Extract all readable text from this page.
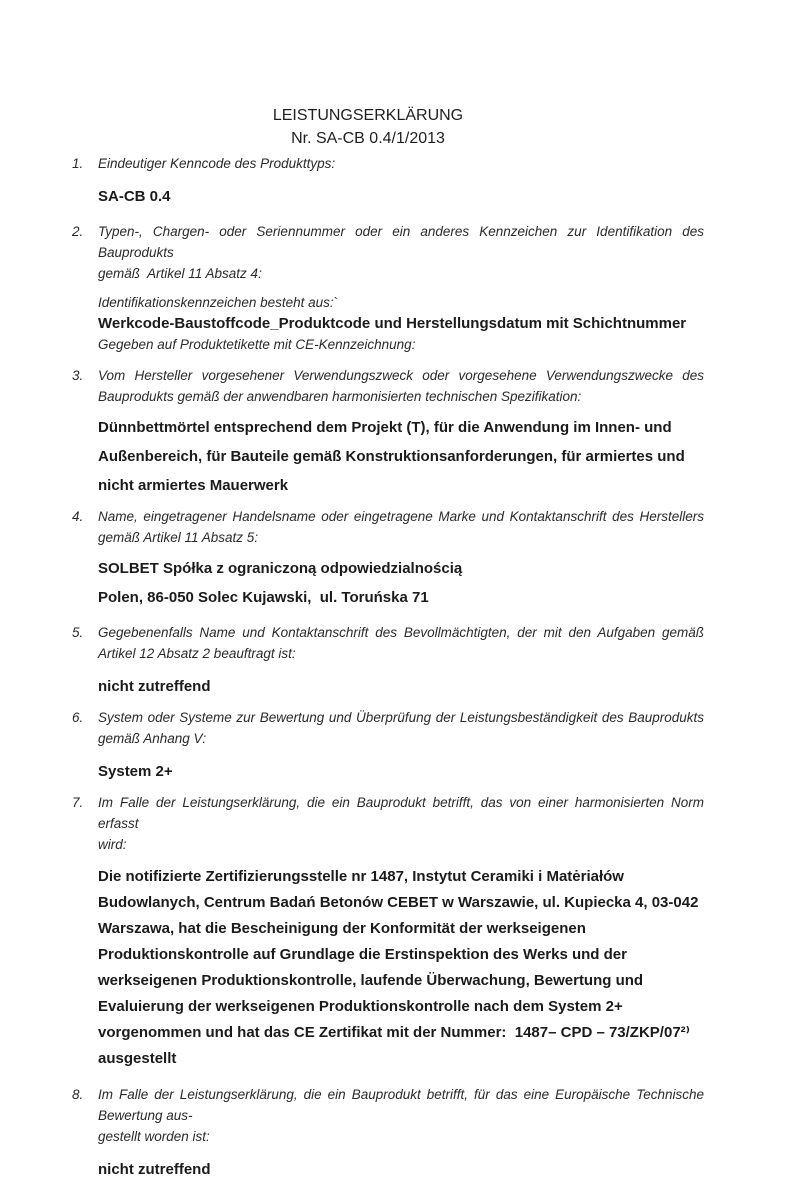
LEISTUNGSERKLÄRUNG
Nr. SA-CB 0.4/1/2013
1.	Eindeutiger Kenncode des Produkttyps:
SA-CB 0.4
2.	Typen-, Chargen- oder Seriennummer oder ein anderes Kennzeichen zur Identifikation des Bauprodukts
gemäß  Artikel 11 Absatz 4:
Identifikationskennzeichen besteht aus:`
Werkcode-Baustoffcode_Produktcode und Herstellungsdatum mit Schichtnummer
Gegeben auf Produktetikette mit CE-Kennzeichnung:
3.	Vom Hersteller vorgesehener Verwendungszweck oder vorgesehene Verwendungszwecke des
Bauprodukts gemäß der anwendbaren harmonisierten technischen Spezifikation:
Dünnbettmörtel entsprechend dem Projekt (T), für die Anwendung im Innen- und
Außenbereich, für Bauteile gemäß Konstruktionsanforderungen, für armiertes und
nicht armiertes Mauerwerk
4.	Name, eingetragener Handelsname oder eingetragene Marke und Kontaktanschrift des Herstellers
gemäß Artikel 11 Absatz 5:
SOLBET Spółka z ograniczoną odpowiedzialnością
Polen, 86-050 Solec Kujawski,  ul. Toruńska 71
5.	Gegebenenfalls Name und Kontaktanschrift des Bevollmächtigten, der mit den Aufgaben gemäß
Artikel 12 Absatz 2 beauftragt ist:
nicht zutreffend
6.	System oder Systeme zur Bewertung und Überprüfung der Leistungsbeständigkeit des Bauprodukts
gemäß Anhang V:
System 2+
7.	Im Falle der Leistungserklärung, die ein Bauprodukt betrifft, das von einer harmonisierten Norm erfasst
wird:
Die notifizierte Zertifizierungsstelle nr 1487, Instytut Ceramiki i Matėriałów
Budowlanych, Centrum Badań Betonów CEBET w Warszawie, ul. Kupiecka 4, 03-042
Warszawa, hat die Bescheinigung der Konformität der werkseigenen
Produktionskontrolle auf Grundlage die Erstinspektion des Werks und der
werkseigenen Produktionskontrolle, laufende Überwachung, Bewertung und
Evaluierung der werkseigenen Produktionskontrolle nach dem System 2+
vorgenommen und hat das CE Zertifikat mit der Nummer:  1487– CPD – 73/ZKP/07²⁾
ausgestellt
8.	Im Falle der Leistungserklärung, die ein Bauprodukt betrifft, für das eine Europäische Technische
Bewertung aus-
gestellt worden ist:
nicht zutreffend
